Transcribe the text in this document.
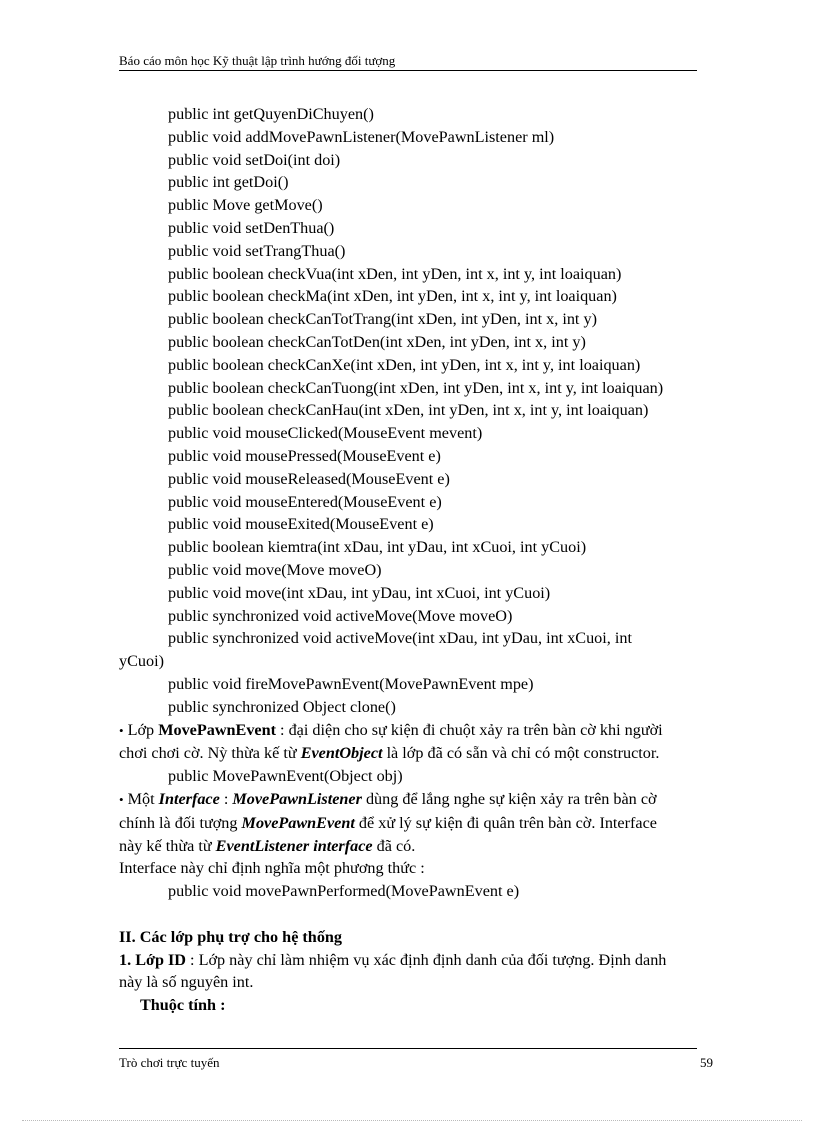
Báo cáo môn học Kỹ thuật lập trình hướng đối tượng
public int getQuyenDiChuyen()
public void addMovePawnListener(MovePawnListener ml)
public void setDoi(int doi)
public int getDoi()
public Move getMove()
public void setDenThua()
public void setTrangThua()
public boolean checkVua(int xDen, int yDen, int x, int y, int loaiquan)
public boolean checkMa(int xDen, int yDen, int x, int y, int loaiquan)
public boolean checkCanTotTrang(int xDen, int yDen, int x, int y)
public boolean checkCanTotDen(int xDen, int yDen, int x, int y)
public boolean checkCanXe(int xDen, int yDen, int x, int y, int loaiquan)
public boolean checkCanTuong(int xDen, int yDen, int x, int y, int loaiquan)
public boolean checkCanHau(int xDen, int yDen, int x, int y, int loaiquan)
public void mouseClicked(MouseEvent mevent)
public void mousePressed(MouseEvent e)
public void mouseReleased(MouseEvent e)
public void mouseEntered(MouseEvent e)
public void mouseExited(MouseEvent e)
public boolean kiemtra(int xDau, int yDau, int xCuoi, int yCuoi)
public void move(Move moveO)
public void move(int xDau, int yDau, int xCuoi, int yCuoi)
public synchronized void activeMove(Move moveO)
public synchronized void activeMove(int xDau, int yDau, int xCuoi, int
yCuoi)
public void fireMovePawnEvent(MovePawnEvent mpe)
public synchronized Object clone()
• Lớp MovePawnEvent : đại diện cho sự kiện đi chuột xảy ra trên bàn cờ khi người
chơi chơi cờ. Nỳ thừa kế từ EventObject là lớp đã có sẵn và chỉ có một constructor.
public MovePawnEvent(Object obj)
• Một Interface : MovePawnListener dùng để lắng nghe sự kiện xảy ra trên bàn cờ
chính là đối tượng MovePawnEvent để xử lý sự kiện đi quân trên bàn cờ. Interface
này kế thừa từ EventListener interface đã có.
Interface này chỉ định nghĩa một phương thức :
public void movePawnPerformed(MovePawnEvent e)
II. Các lớp phụ trợ cho hệ thống
1. Lớp ID : Lớp này chỉ làm nhiệm vụ xác định định danh của đối tượng. Định danh
này là số nguyên int.
Thuộc tính :
Trò chơi trực tuyến	59
